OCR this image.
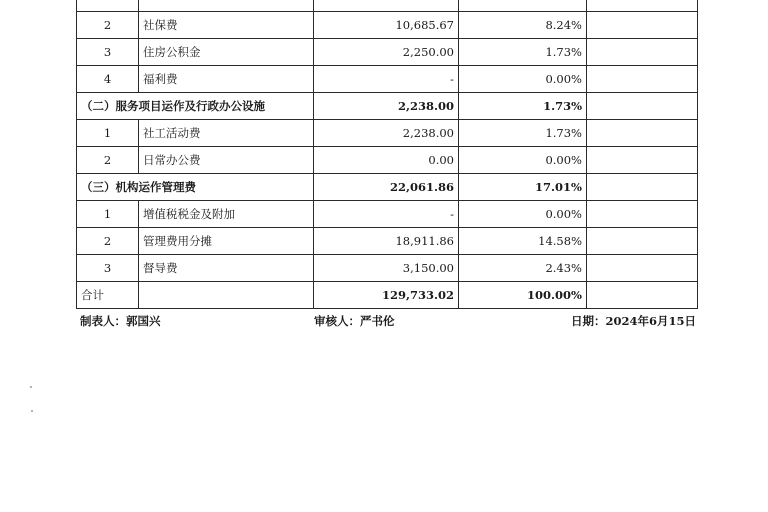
2	社保费	10,685.67	8.24%	
3	住房公积金	2,250.00	1.73%	
4	福利费	-	0.00%	
（二）服务项目运作及行政办公设施		2,238.00	1.73%	
1	社工活动费	2,238.00	1.73%	
2	日常办公费	0.00	0.00%	
（三）机构运作管理费		22,061.86	17.01%	
1	增值税税金及附加	-	0.00%	
2	管理费用分摊	18,911.86	14.58%	
3	督导费	3,150.00	2.43%	
合计		129,733.02	100.00%	
制表人：郭国兴	审核人：严书伦	日期：2024年6月15日
